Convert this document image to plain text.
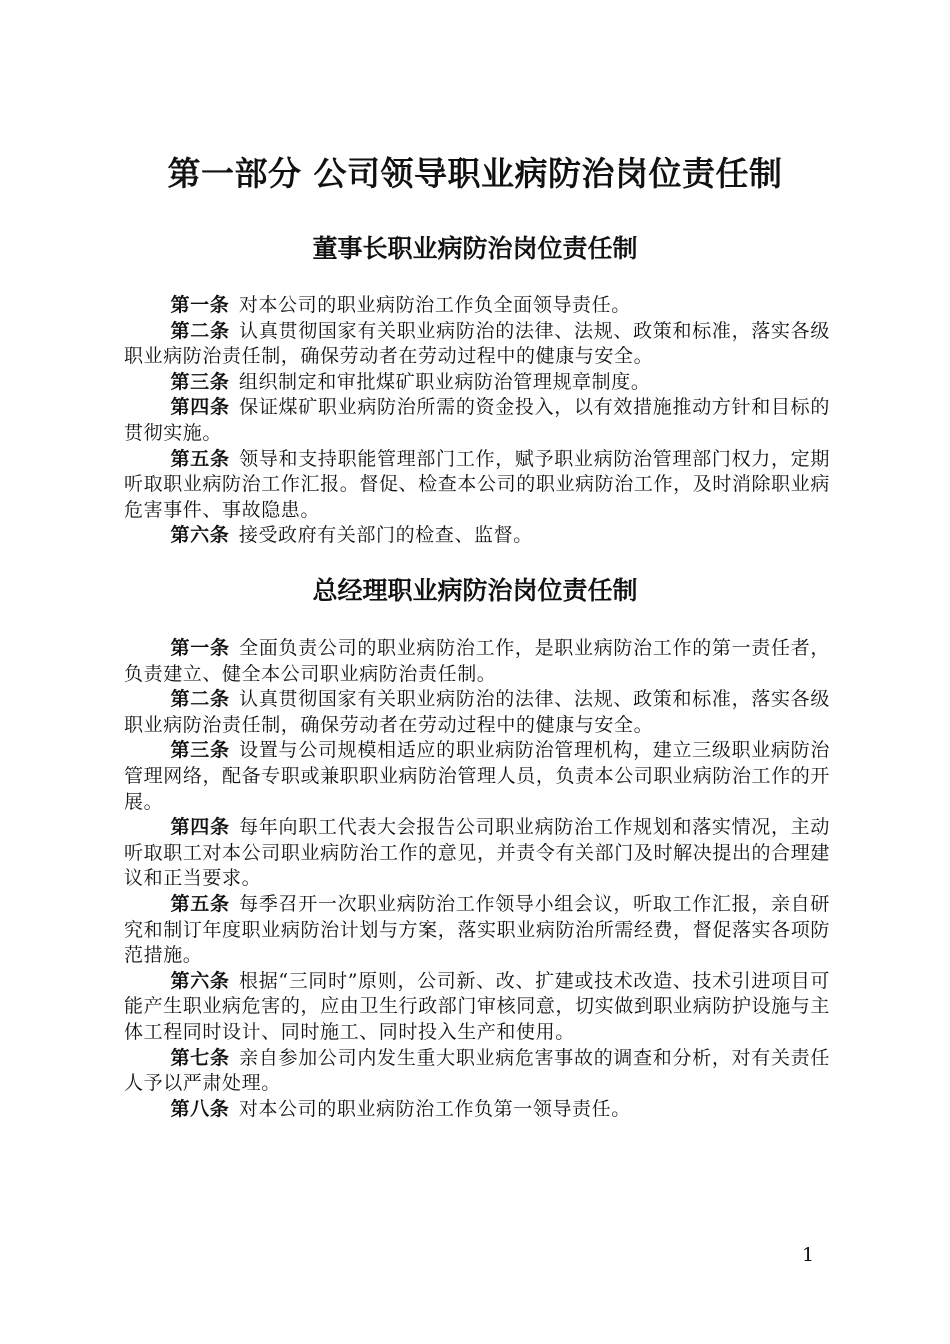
第一部分 公司领导职业病防治岗位责任制
董事长职业病防治岗位责任制

第一条 对本公司的职业病防治工作负全面领导责任。

第二条 认真贯彻国家有关职业病防治的法律、法规、政策和标准，落实各级职业病防治责任制，确保劳动者在劳动过程中的健康与安全。

第三条 组织制定和审批煤矿职业病防治管理规章制度。

第四条 保证煤矿职业病防治所需的资金投入，以有效措施推动方针和目标的贯彻实施。

第五条 领导和支持职能管理部门工作，赋予职业病防治管理部门权力，定期听取职业病防治工作汇报。督促、检查本公司的职业病防治工作，及时消除职业病危害事件、事故隐患。

第六条 接受政府有关部门的检查、监督。

总经理职业病防治岗位责任制

第一条 全面负责公司的职业病防治工作，是职业病防治工作的第一责任者，负责建立、健全本公司职业病防治责任制。

第二条 认真贯彻国家有关职业病防治的法律、法规、政策和标准，落实各级职业病防治责任制，确保劳动者在劳动过程中的健康与安全。

第三条 设置与公司规模相适应的职业病防治管理机构，建立三级职业病防治管理网络，配备专职或兼职职业病防治管理人员，负责本公司职业病防治工作的开展。

第四条 每年向职工代表大会报告公司职业病防治工作规划和落实情况，主动听取职工对本公司职业病防治工作的意见，并责令有关部门及时解决提出的合理建议和正当要求。

第五条 每季召开一次职业病防治工作领导小组会议，听取工作汇报，亲自研究和制订年度职业病防治计划与方案，落实职业病防治所需经费，督促落实各项防范措施。

第六条 根据“三同时”原则，公司新、改、扩建或技术改造、技术引进项目可能产生职业病危害的，应由卫生行政部门审核同意，切实做到职业病防护设施与主体工程同时设计、同时施工、同时投入生产和使用。

第七条 亲自参加公司内发生重大职业病危害事故的调查和分析，对有关责任人予以严肃处理。

第八条 对本公司的职业病防治工作负第一领导责任。

1
